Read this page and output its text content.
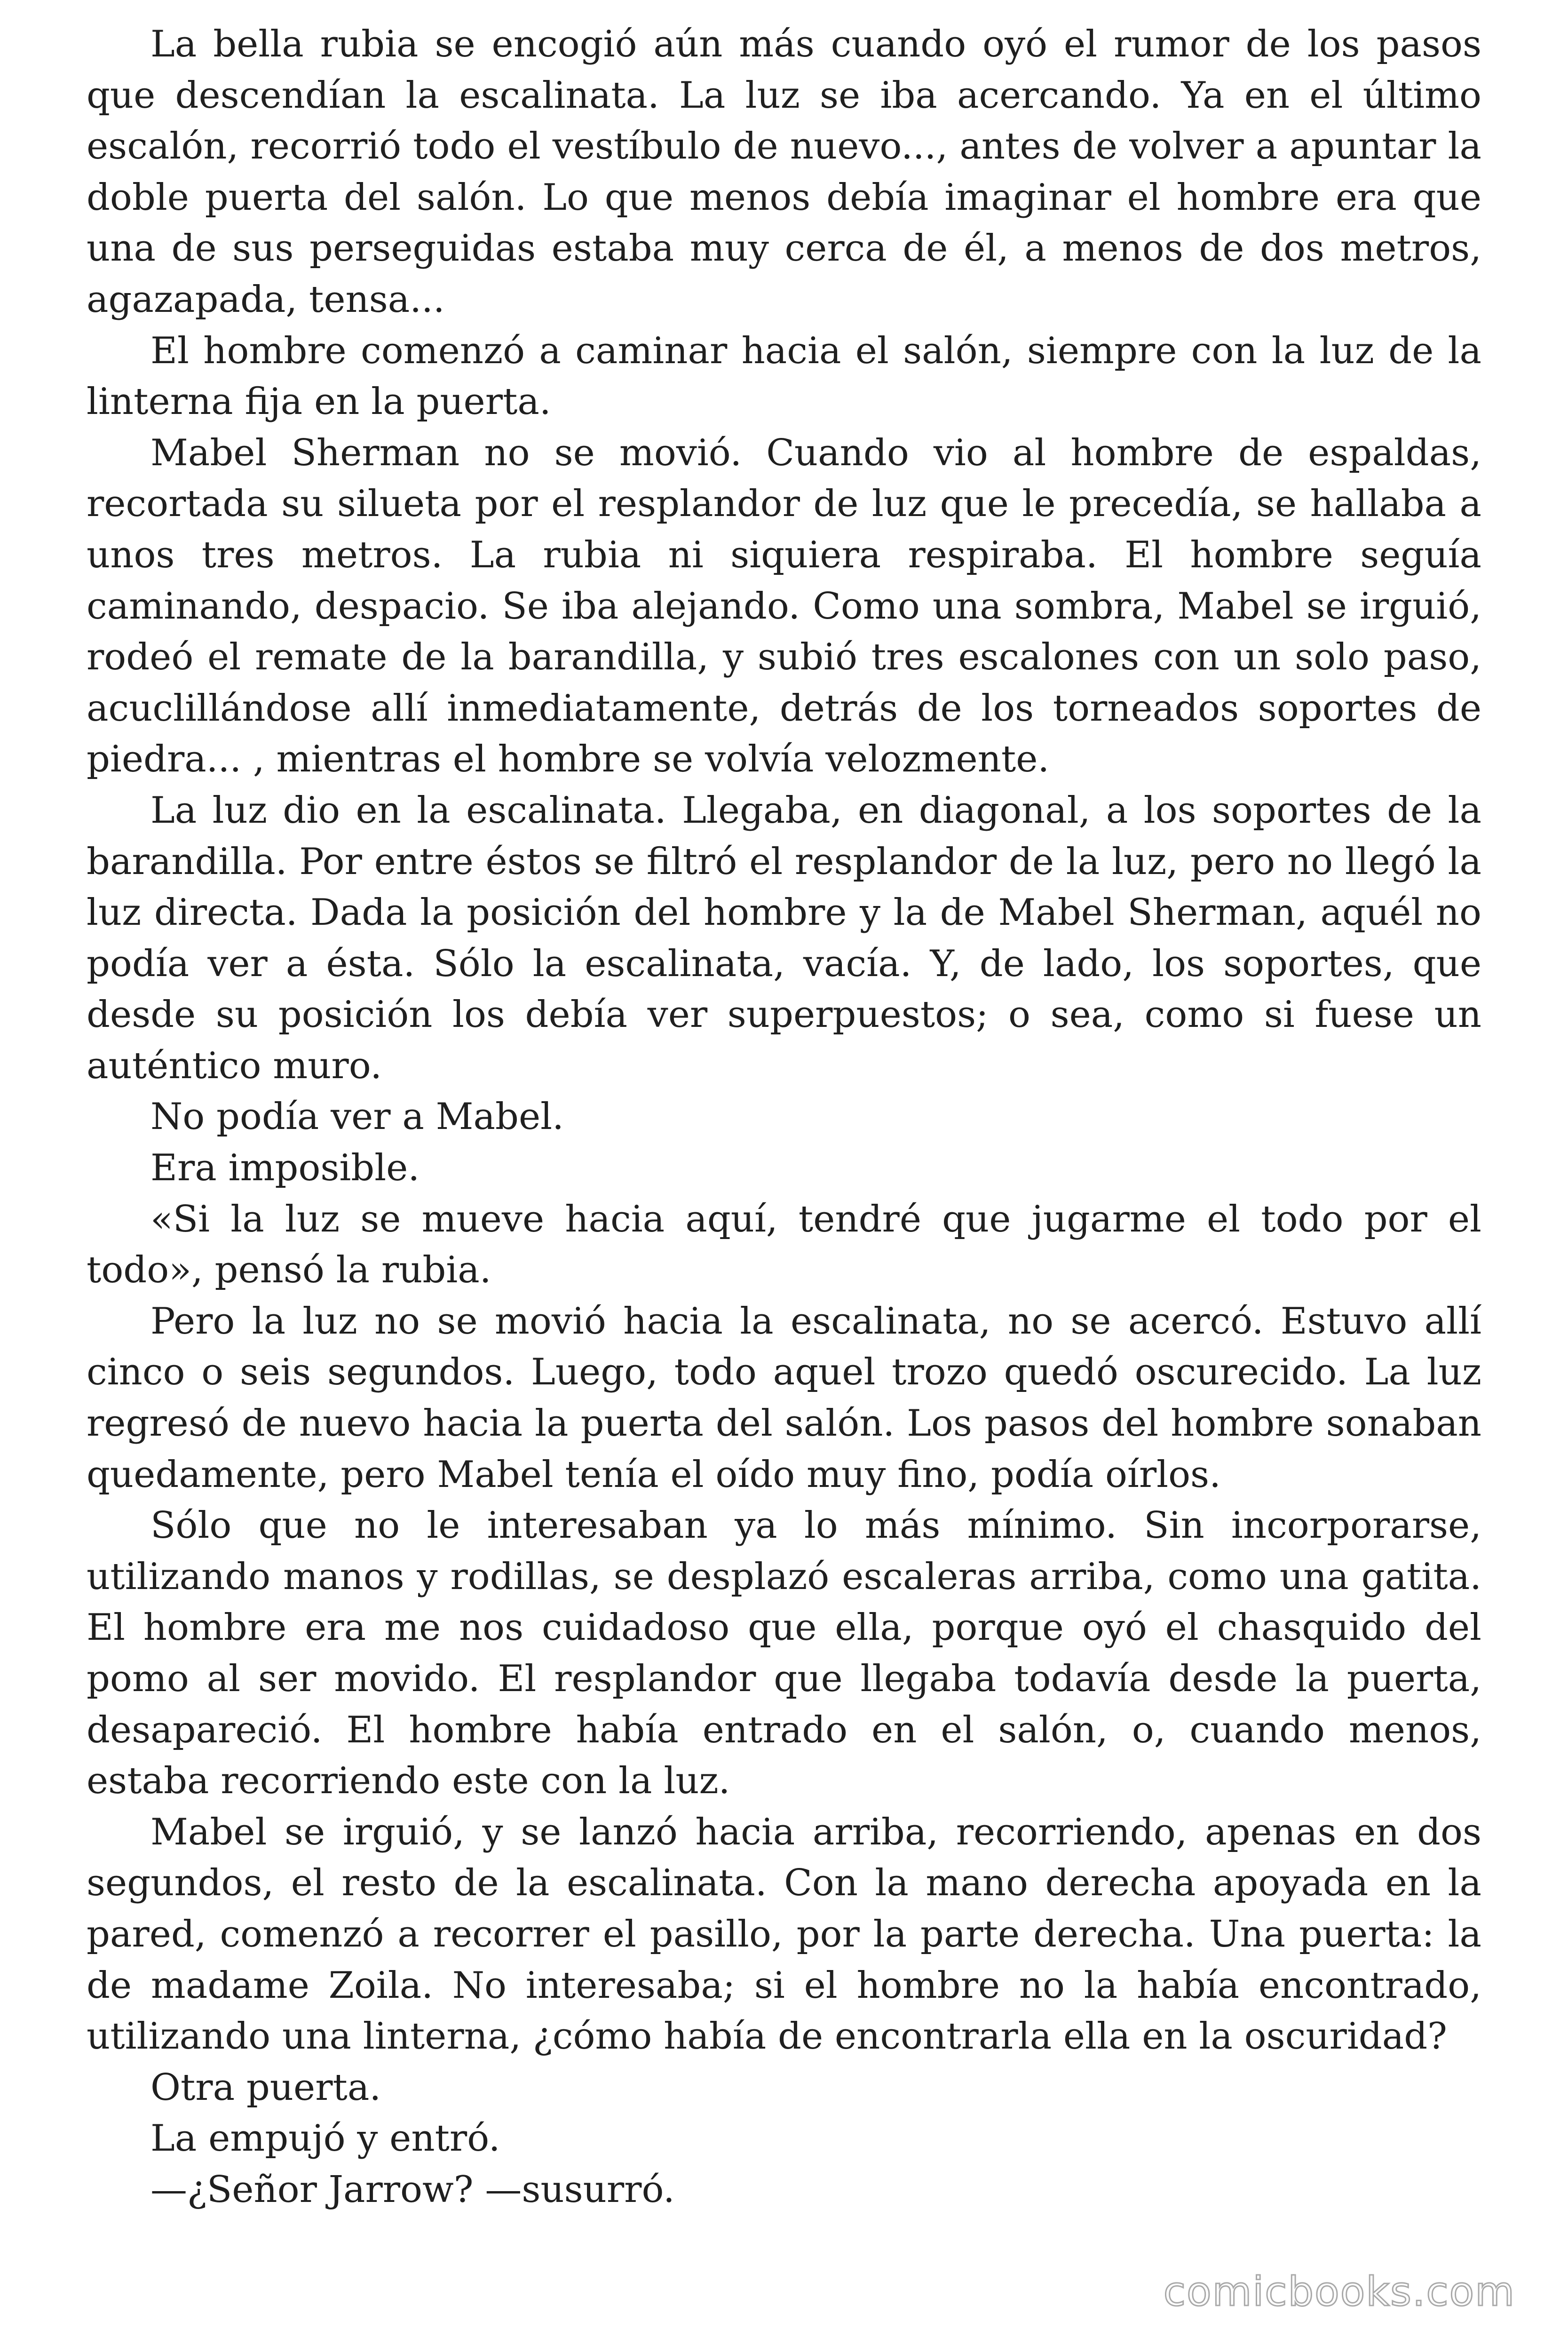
La bella rubia se encogió aún más cuando oyó el rumor de los pasos que descendían la escalinata. La luz se iba acercando. Ya en el último escalón, recorrió todo el vestíbulo de nuevo..., antes de volver a apuntar la doble puerta del salón. Lo que menos debía imaginar el hombre era que una de sus perseguidas estaba muy cerca de él, a menos de dos metros, agazapada, tensa...

El hombre comenzó a caminar hacia el salón, siempre con la luz de la linterna fija en la puerta.

Mabel Sherman no se movió. Cuando vio al hombre de espaldas, recortada su silueta por el resplandor de luz que le precedía, se hallaba a unos tres metros. La rubia ni siquiera respiraba. El hombre seguía caminando, despacio. Se iba alejando. Como una sombra, Mabel se irguió, rodeó el remate de la barandilla, y subió tres escalones con un solo paso, acuclillándose allí inmediatamente, detrás de los torneados soportes de piedra... , mientras el hombre se volvía velozmente.

La luz dio en la escalinata. Llegaba, en diagonal, a los soportes de la barandilla. Por entre éstos se filtró el resplandor de la luz, pero no llegó la luz directa. Dada la posición del hombre y la de Mabel Sherman, aquél no podía ver a ésta. Sólo la escalinata, vacía. Y, de lado, los soportes, que desde su posición los debía ver superpuestos; o sea, como si fuese un auténtico muro.

No podía ver a Mabel.

Era imposible.

«Si la luz se mueve hacia aquí, tendré que jugarme el todo por el todo», pensó la rubia.

Pero la luz no se movió hacia la escalinata, no se acercó. Estuvo allí cinco o seis segundos. Luego, todo aquel trozo quedó oscurecido. La luz regresó de nuevo hacia la puerta del salón. Los pasos del hombre sonaban quedamente, pero Mabel tenía el oído muy fino, podía oírlos.

Sólo que no le interesaban ya lo más mínimo. Sin incorporarse, utilizando manos y rodillas, se desplazó escaleras arriba, como una gatita. El hombre era me nos cuidadoso que ella, porque oyó el chasquido del pomo al ser movido. El resplandor que llegaba todavía desde la puerta, desapareció. El hombre había entrado en el salón, o, cuando menos, estaba recorriendo este con la luz.

Mabel se irguió, y se lanzó hacia arriba, recorriendo, apenas en dos segundos, el resto de la escalinata. Con la mano derecha apoyada en la pared, comenzó a recorrer el pasillo, por la parte derecha. Una puerta: la de madame Zoila. No interesaba; si el hombre no la había encontrado, utilizando una linterna, ¿cómo había de encontrarla ella en la oscuridad?

Otra puerta.

La empujó y entró.

—¿Señor Jarrow? —susurró.

comicbooks.com
